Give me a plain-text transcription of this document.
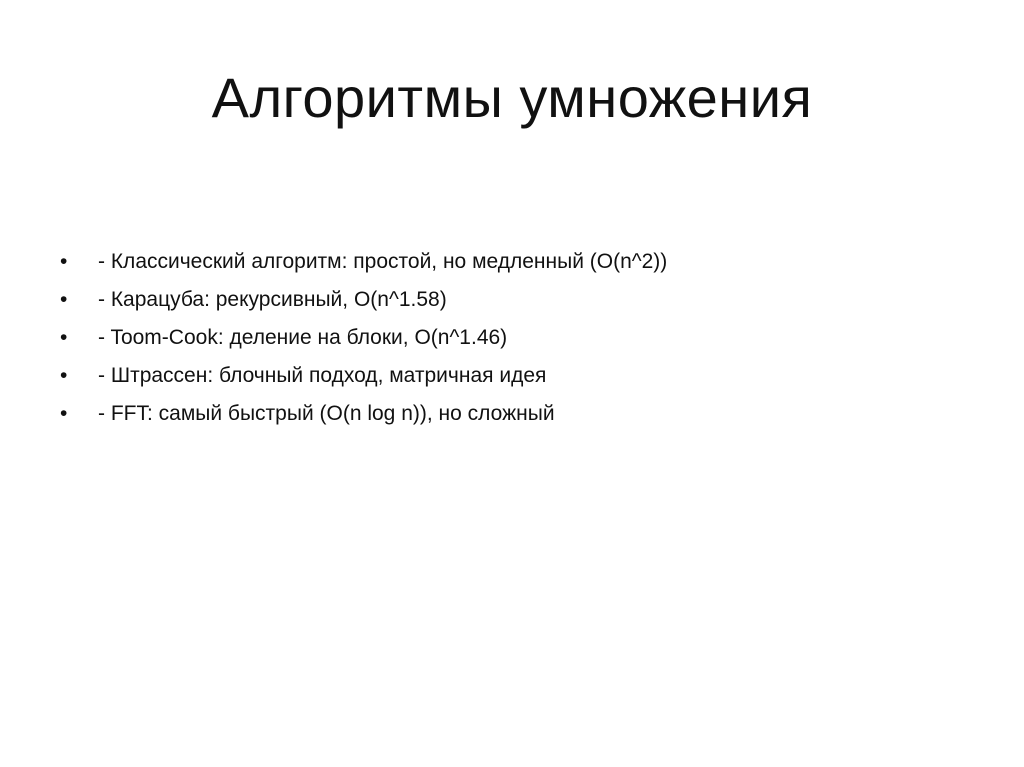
Алгоритмы умножения
•	- Классический алгоритм: простой, но медленный (O(n^2))
•	- Карацуба: рекурсивный, O(n^1.58)
•	- Toom-Cook: деление на блоки, O(n^1.46)
•	- Штрассен: блочный подход, матричная идея
•	- FFT: самый быстрый (O(n log n)), но сложный
